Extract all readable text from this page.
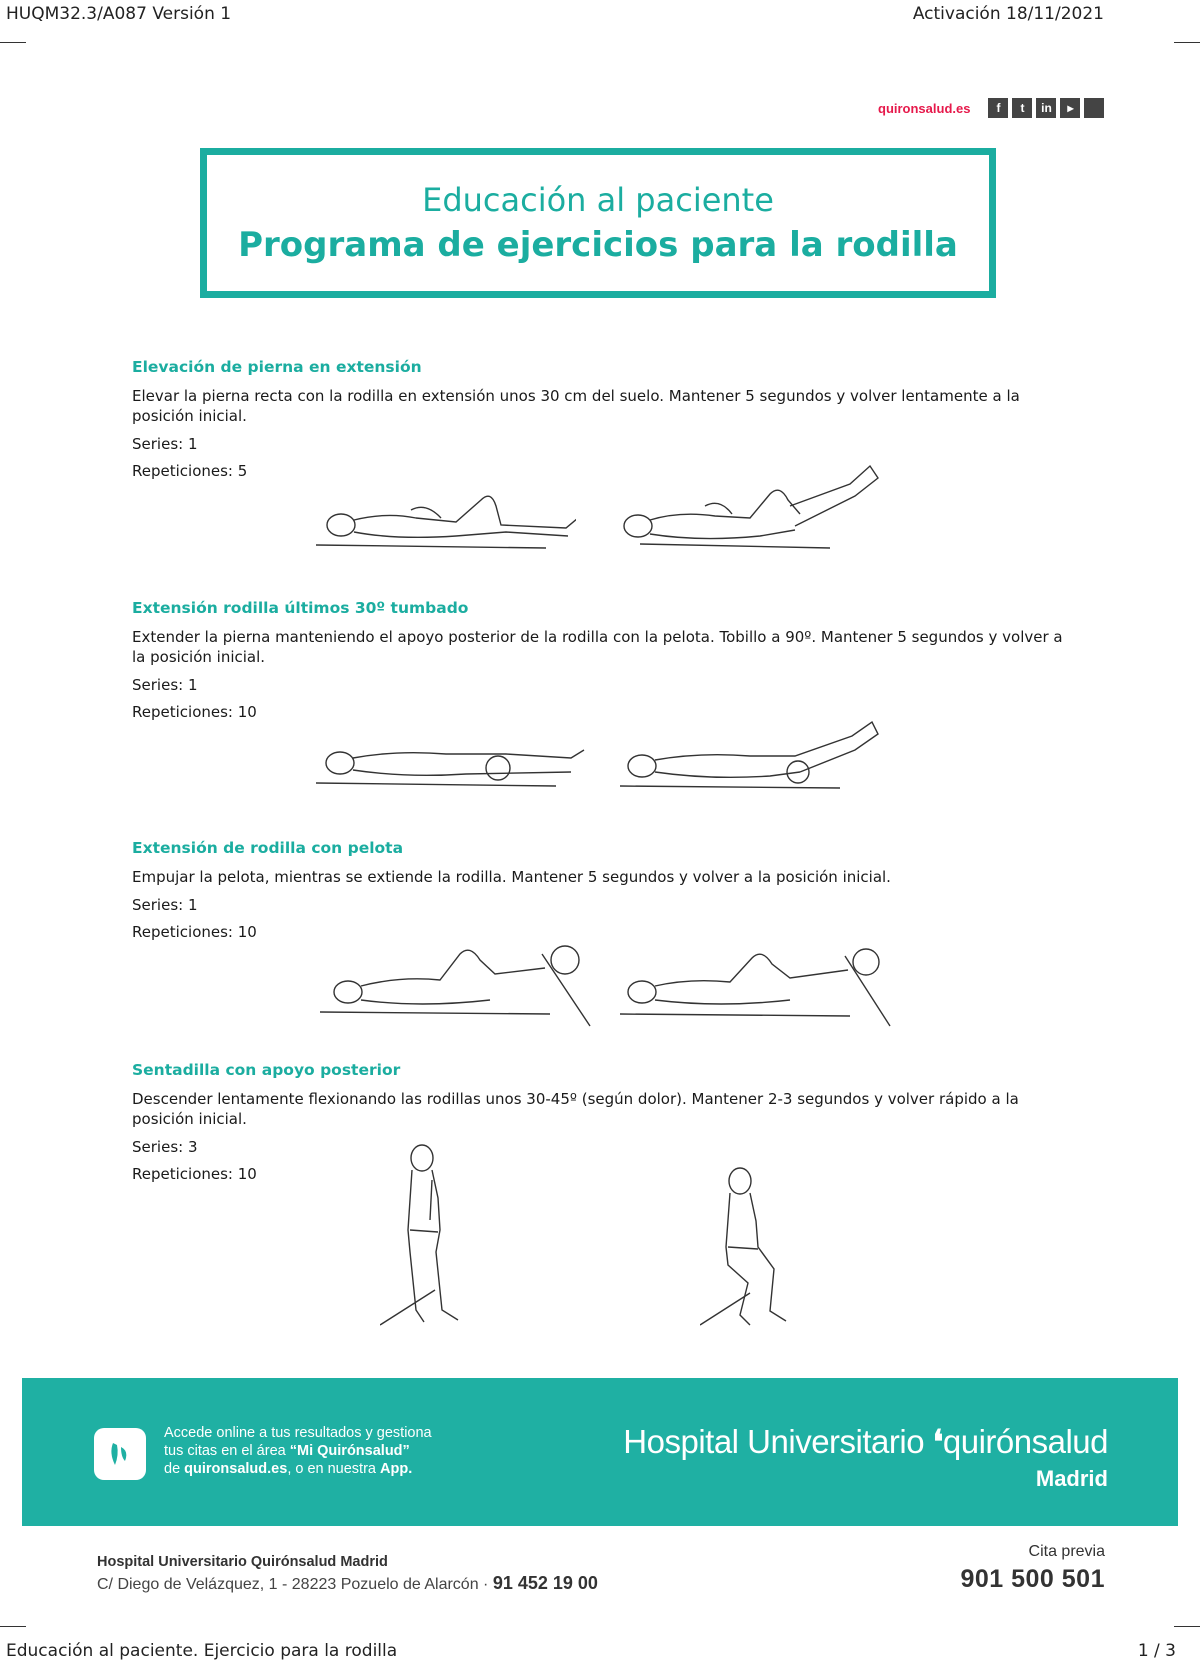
HUQM32.3/A087 Versión 1	Activación 18/11/2021
quironsalud.es	f	t	in	▸
Educación al paciente
Programa de ejercicios para la rodilla
Elevación de pierna en extensión
Elevar la pierna recta con la rodilla en extensión unos 30 cm del suelo. Mantener 5 segundos y volver lentamente a la posición inicial.
Series: 1
Repeticiones: 5
Extensión rodilla últimos 30º tumbado
Extender la pierna manteniendo el apoyo posterior de la rodilla con la pelota. Tobillo a 90º. Mantener 5 segundos y volver a la posición inicial.
Series: 1
Repeticiones: 10
Extensión de rodilla con pelota
Empujar la pelota, mientras se extiende la rodilla. Mantener 5 segundos y volver a la posición inicial.
Series: 1
Repeticiones: 10
Sentadilla con apoyo posterior
Descender lentamente flexionando las rodillas unos 30-45º (según dolor). Mantener 2-3 segundos y volver rápido a la posición inicial.
Series: 3
Repeticiones: 10
Accede online a tus resultados y gestiona
tus citas en el área “Mi Quirónsalud”
de quironsalud.es, o en nuestra App.
Hospital Universitario ❛quirónsalud
Madrid
Hospital Universitario Quirónsalud Madrid
C/ Diego de Velázquez, 1 - 28223 Pozuelo de Alarcón · 91 452 19 00
Cita previa
901 500 501
Educación al paciente. Ejercicio para la rodilla	1 / 3
